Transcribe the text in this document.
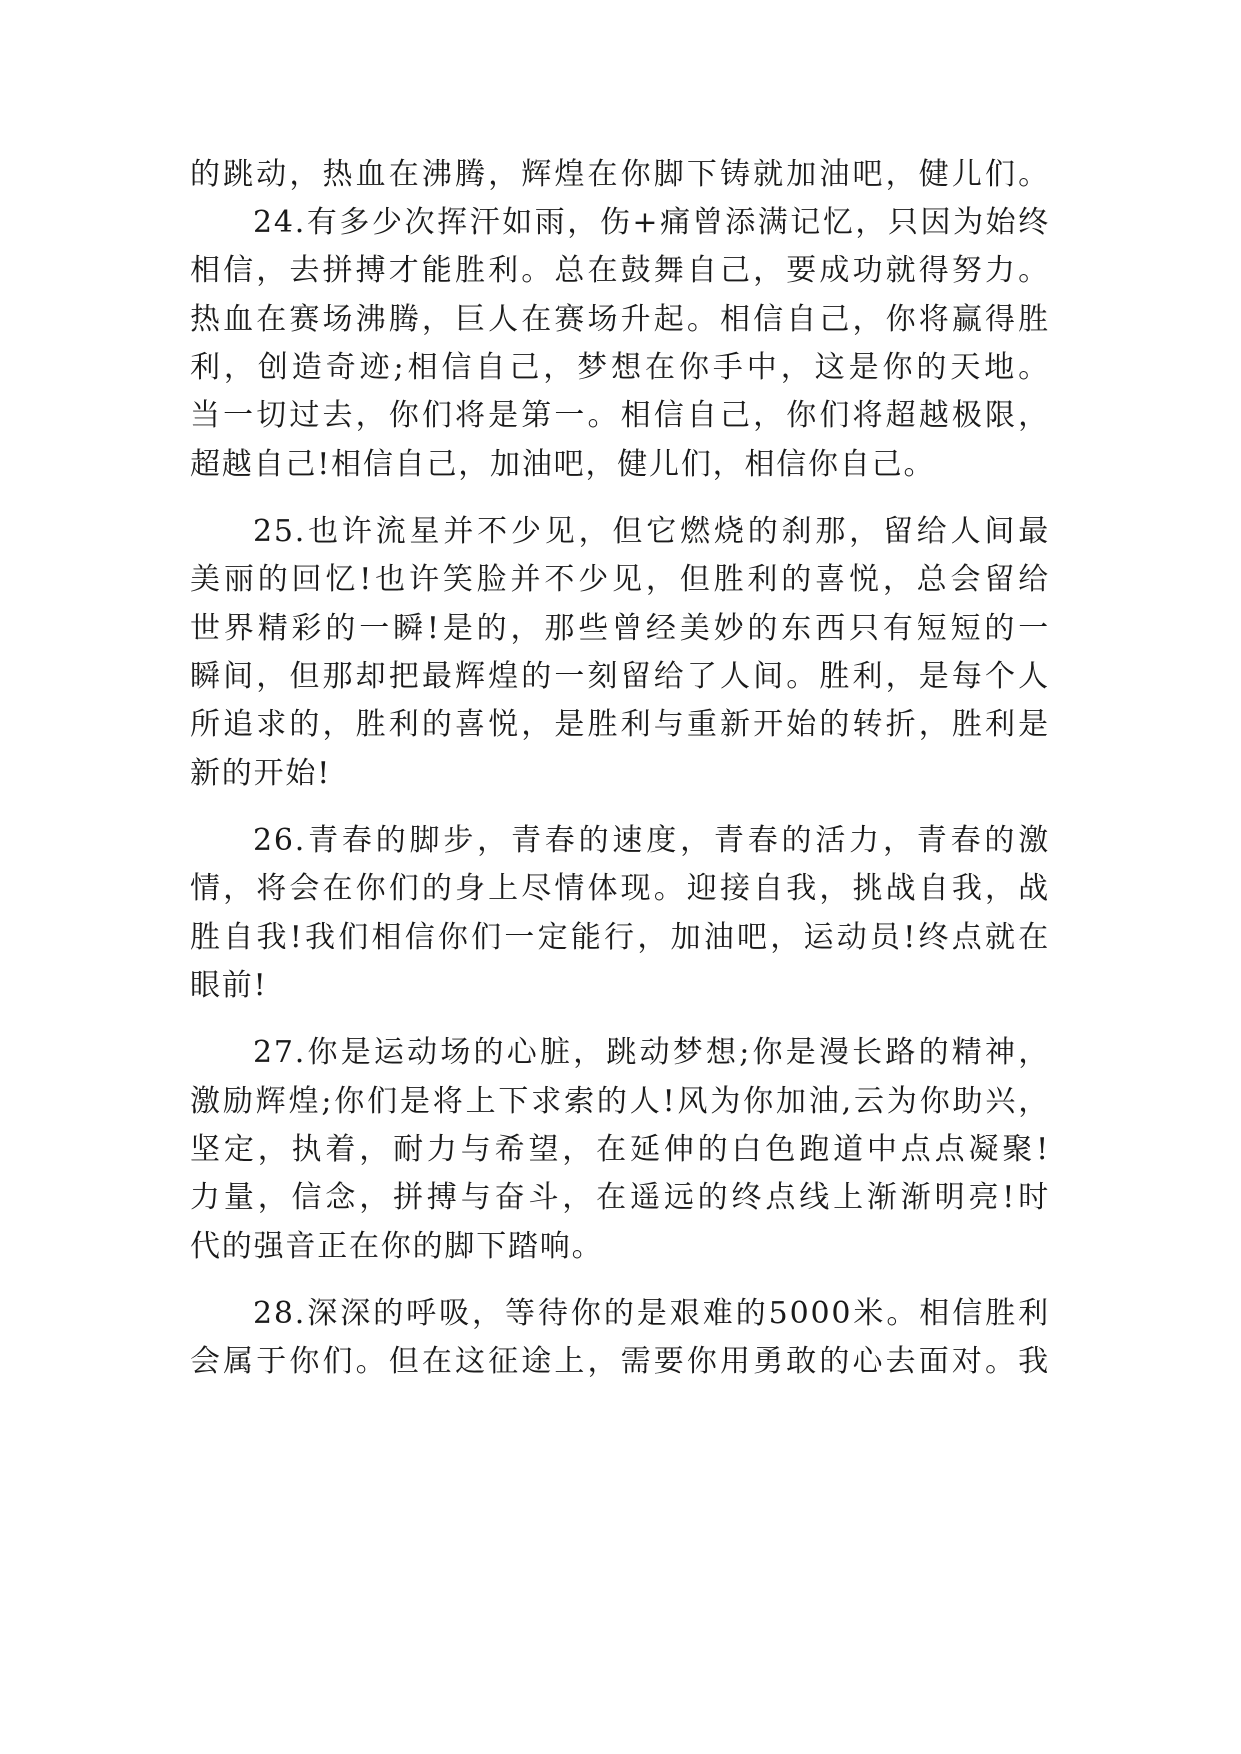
的跳动，热血在沸腾，辉煌在你脚下铸就加油吧，健儿们。
24.有多少次挥汗如雨，伤+痛曾添满记忆，只因为始终
相信，去拼搏才能胜利。总在鼓舞自己，要成功就得努力。
热血在赛场沸腾，巨人在赛场升起。相信自己，你将赢得胜
利，创造奇迹;相信自己，梦想在你手中，这是你的天地。
当一切过去，你们将是第一。相信自己，你们将超越极限，
超越自己!相信自己，加油吧，健儿们，相信你自己。
25.也许流星并不少见，但它燃烧的刹那，留给人间最
美丽的回忆!也许笑脸并不少见，但胜利的喜悦，总会留给
世界精彩的一瞬!是的，那些曾经美妙的东西只有短短的一
瞬间，但那却把最辉煌的一刻留给了人间。胜利，是每个人
所追求的，胜利的喜悦，是胜利与重新开始的转折，胜利是
新的开始!
26.青春的脚步，青春的速度，青春的活力，青春的激
情，将会在你们的身上尽情体现。迎接自我，挑战自我，战
胜自我!我们相信你们一定能行，加油吧，运动员!终点就在
眼前!
27.你是运动场的心脏，跳动梦想;你是漫长路的精神，
激励辉煌;你们是将上下求索的人!风为你加油,云为你助兴，
坚定，执着，耐力与希望，在延伸的白色跑道中点点凝聚!
力量，信念，拼搏与奋斗，在遥远的终点线上渐渐明亮!时
代的强音正在你的脚下踏响。
28.深深的呼吸，等待你的是艰难的5000米。相信胜利
会属于你们。但在这征途上，需要你用勇敢的心去面对。我
